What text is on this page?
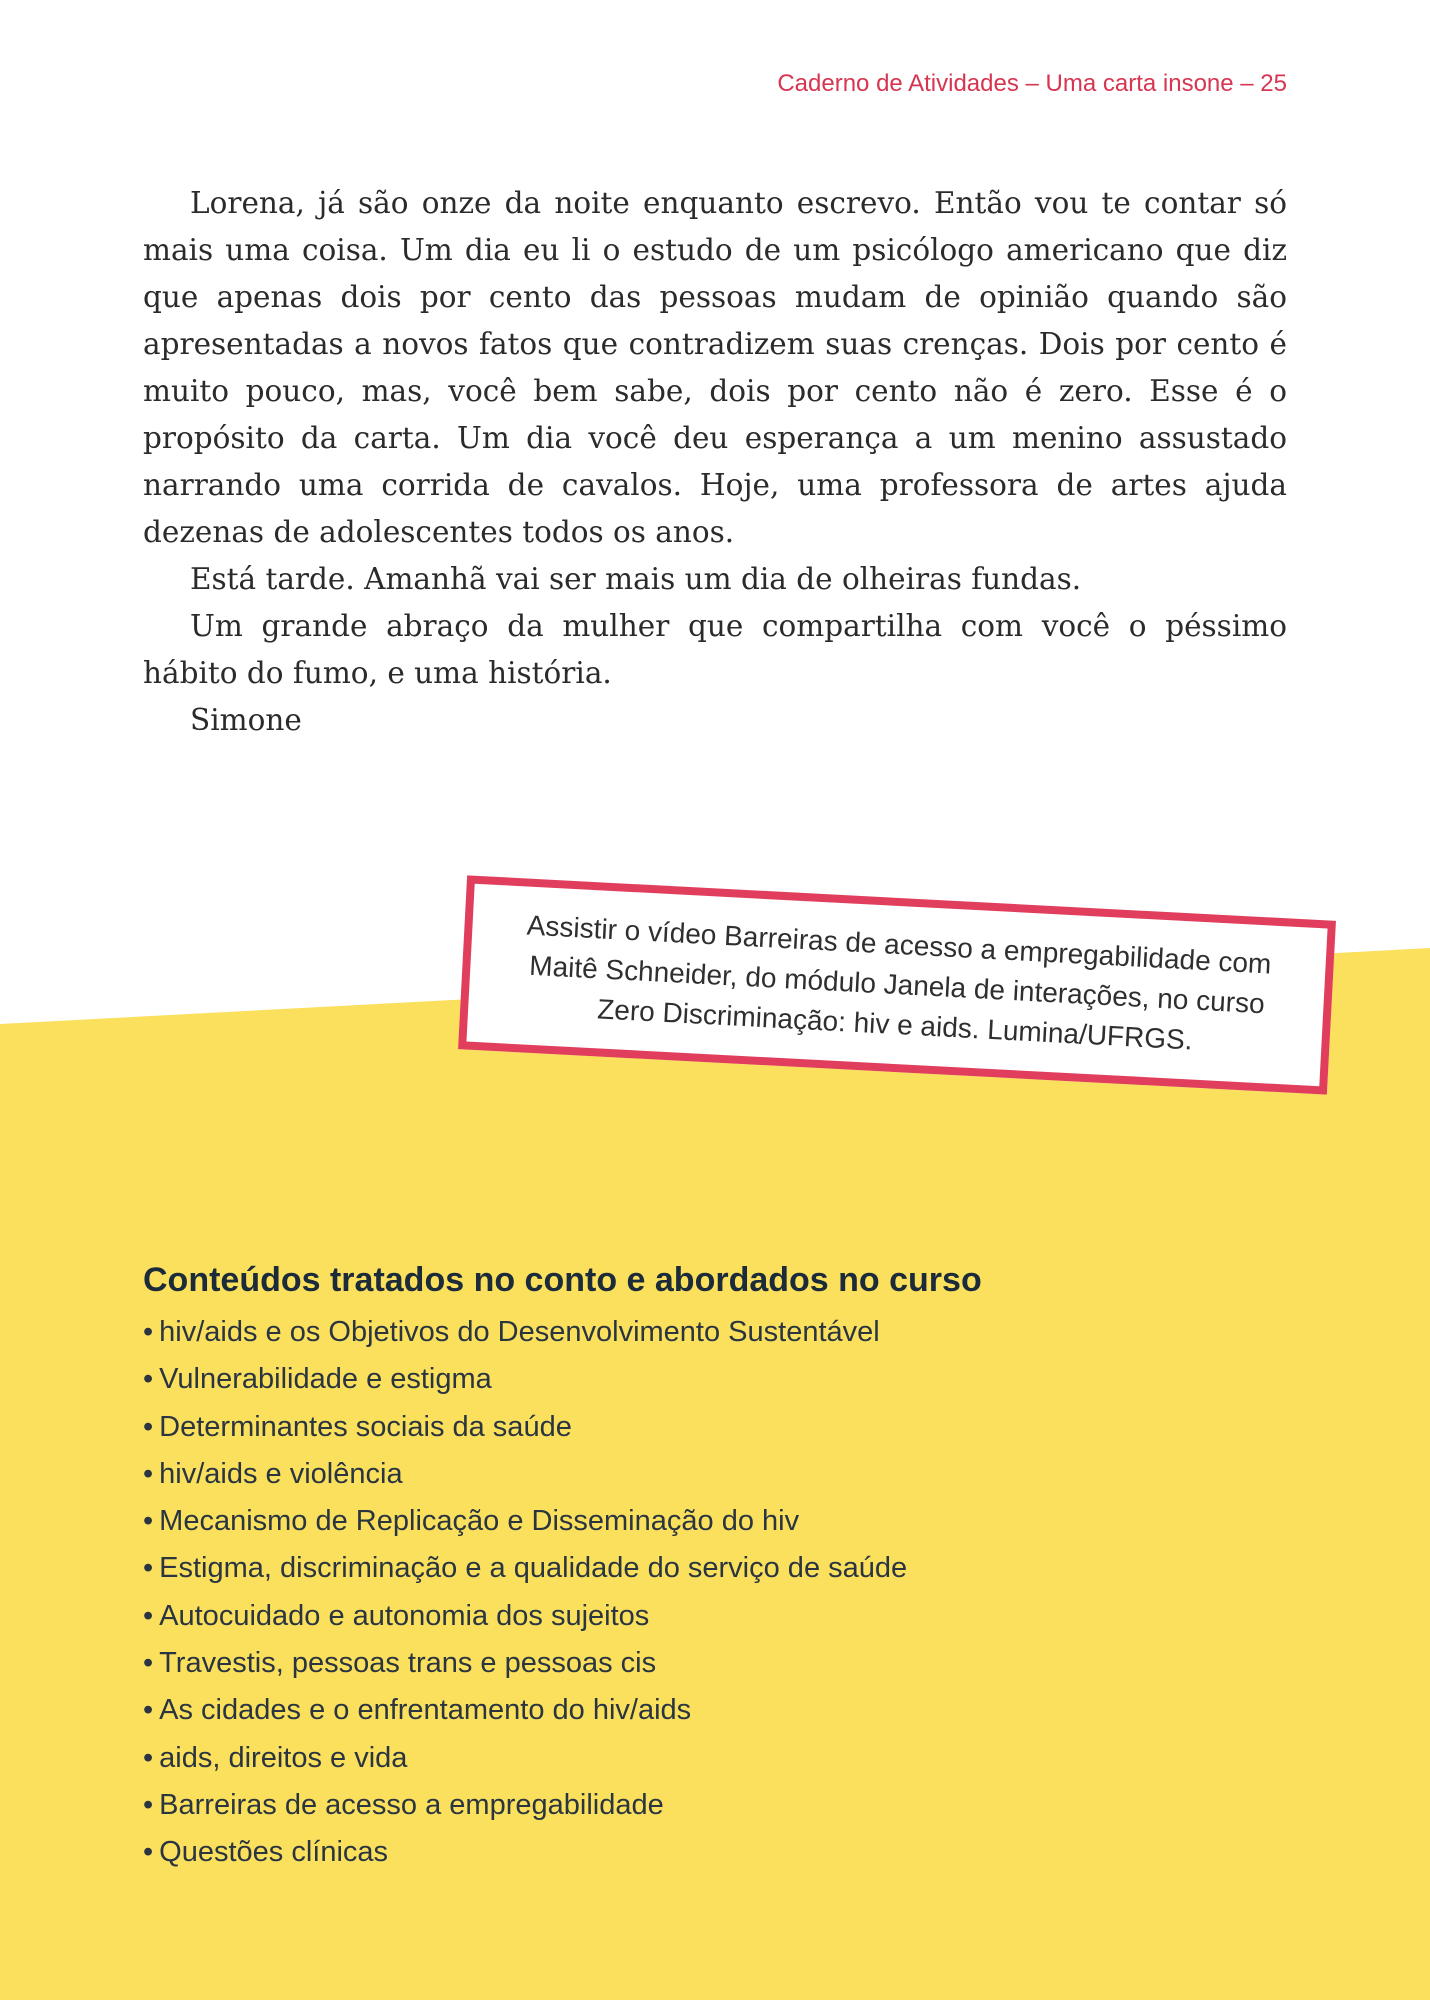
Caderno de Atividades – Uma carta insone – 25

Lorena, já são onze da noite enquanto escrevo. Então vou te contar só mais uma coisa. Um dia eu li o estudo de um psicólogo americano que diz que apenas dois por cento das pessoas mudam de opinião quando são apresentadas a novos fatos que contradizem suas crenças. Dois por cento é muito pouco, mas, você bem sabe, dois por cento não é zero. Esse é o propósito da carta. Um dia você deu esperança a um menino assustado narrando uma corrida de cavalos. Hoje, uma professora de artes ajuda dezenas de adolescentes todos os anos.

Está tarde. Amanhã vai ser mais um dia de olheiras fundas.

Um grande abraço da mulher que compartilha com você o péssimo hábito do fumo, e uma história.

Simone

Assistir o vídeo Barreiras de acesso a empregabilidade com Maitê Schneider, do módulo Janela de interações, no curso Zero Discriminação: hiv e aids. Lumina/UFRGS.
Conteúdos tratados no conto e abordados no curso
• hiv/aids e os Objetivos do Desenvolvimento Sustentável
• Vulnerabilidade e estigma
• Determinantes sociais da saúde
• hiv/aids e violência
• Mecanismo de Replicação e Disseminação do hiv
• Estigma, discriminação e a qualidade do serviço de saúde
• Autocuidado e autonomia dos sujeitos
• Travestis, pessoas trans e pessoas cis
• As cidades e o enfrentamento do hiv/aids
• aids, direitos e vida
• Barreiras de acesso a empregabilidade
• Questões clínicas
